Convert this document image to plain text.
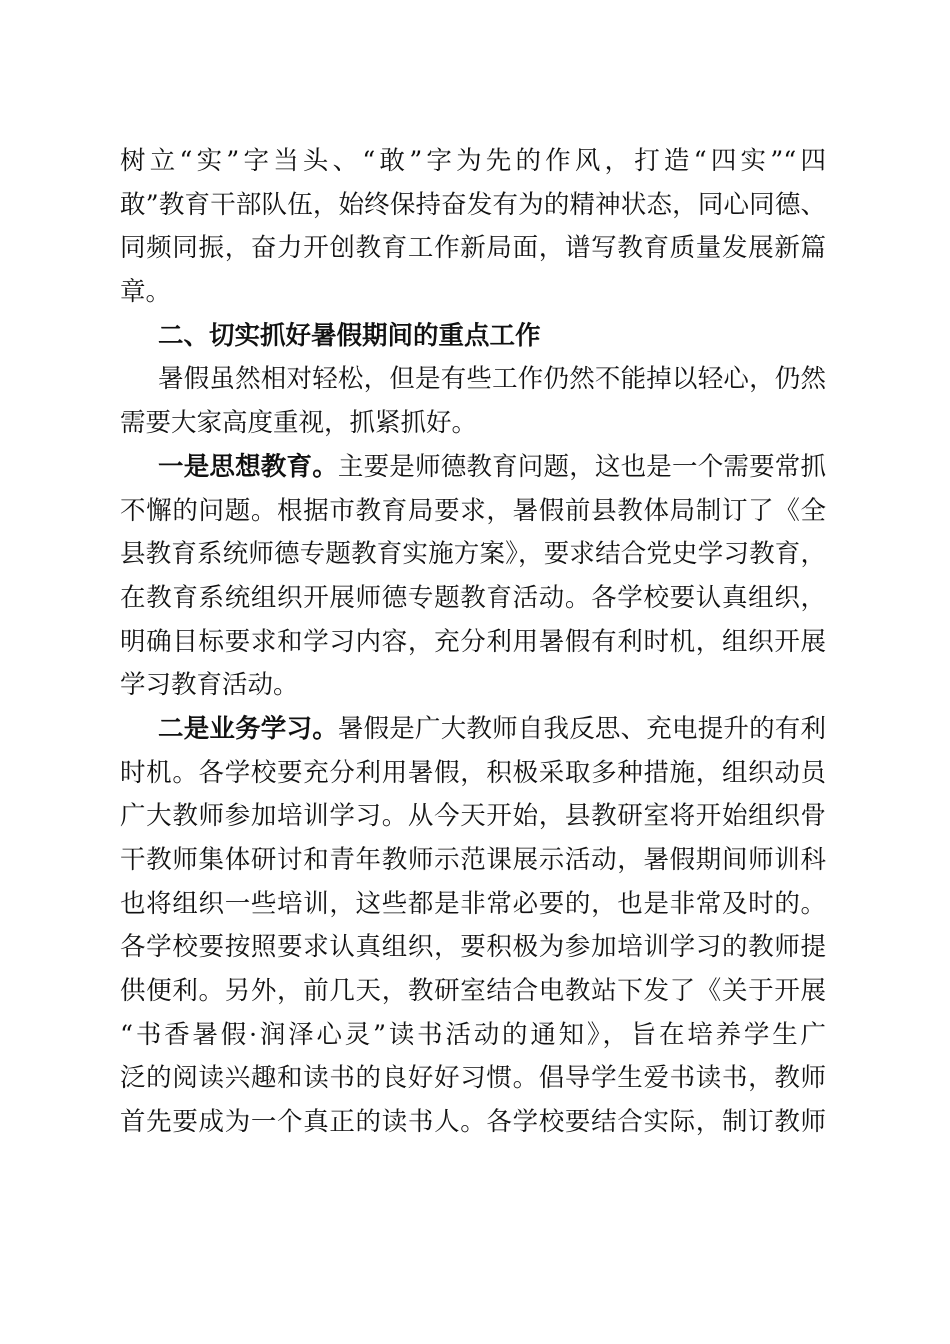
树立“实”字当头、“敢”字为先的作风，打造“四实”“四
敢”教育干部队伍，始终保持奋发有为的精神状态，同心同德、
同频同振，奋力开创教育工作新局面，谱写教育质量发展新篇
章。
二、切实抓好暑假期间的重点工作
暑假虽然相对轻松，但是有些工作仍然不能掉以轻心，仍然
需要大家高度重视，抓紧抓好。
一是思想教育。主要是师德教育问题，这也是一个需要常抓
不懈的问题。根据市教育局要求，暑假前县教体局制订了《全
县教育系统师德专题教育实施方案》，要求结合党史学习教育，
在教育系统组织开展师德专题教育活动。各学校要认真组织，
明确目标要求和学习内容，充分利用暑假有利时机，组织开展
学习教育活动。
二是业务学习。暑假是广大教师自我反思、充电提升的有利
时机。各学校要充分利用暑假，积极采取多种措施，组织动员
广大教师参加培训学习。从今天开始，县教研室将开始组织骨
干教师集体研讨和青年教师示范课展示活动，暑假期间师训科
也将组织一些培训，这些都是非常必要的，也是非常及时的。
各学校要按照要求认真组织，要积极为参加培训学习的教师提
供便利。另外，前几天，教研室结合电教站下发了《关于开展
“书香暑假·润泽心灵”读书活动的通知》，旨在培养学生广
泛的阅读兴趣和读书的良好好习惯。倡导学生爱书读书，教师
首先要成为一个真正的读书人。各学校要结合实际，制订教师
